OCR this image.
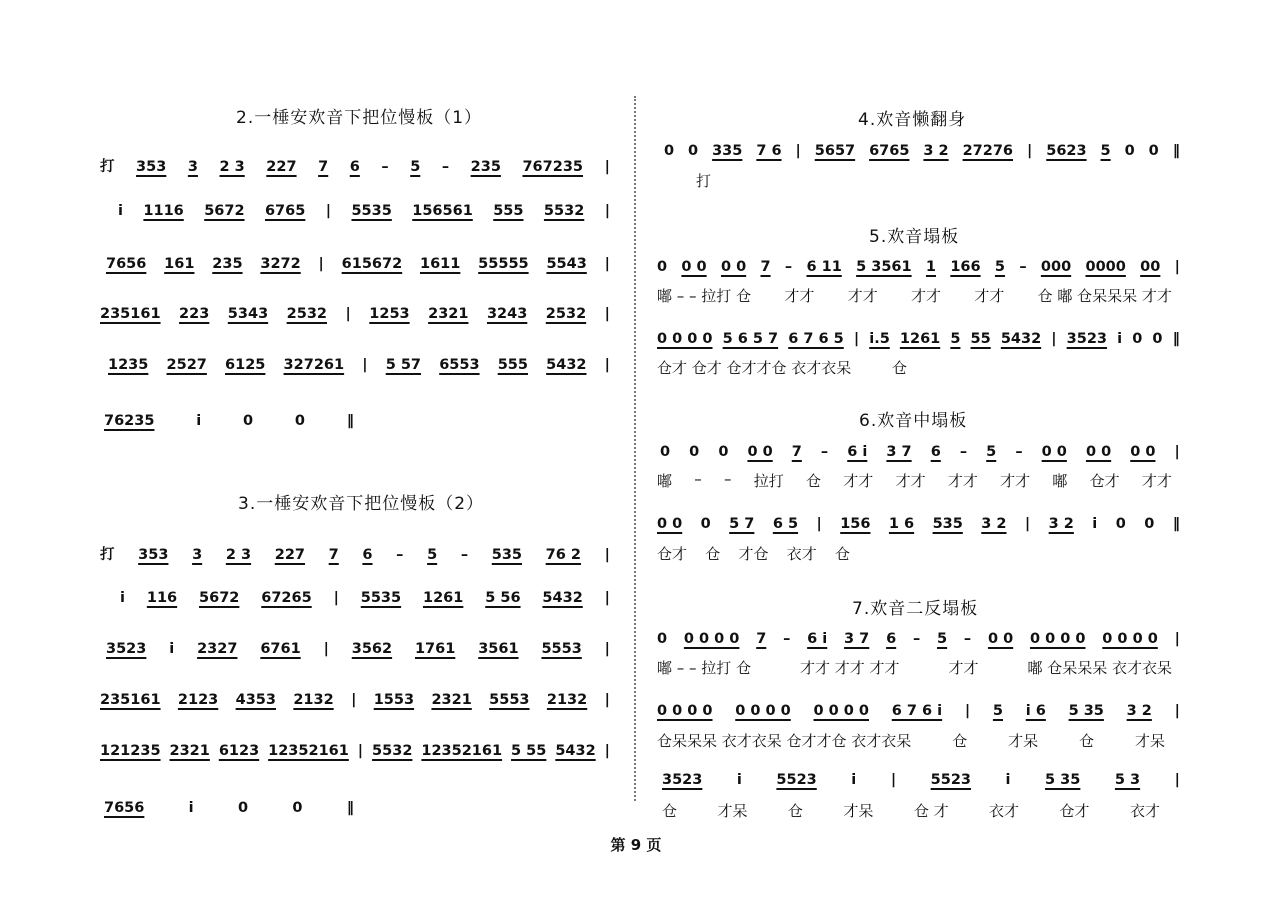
2.一棰安欢音下把位慢板（1）
打 353 3 2 3 227 7 6 – 5 – 235 767235 |
i 1116 5672 6765 | 5535 156561 555 5532 |
7656 161 235 3272 | 615672 1611 55555 5543 |
235161 223 5343 2532 | 1253 2321 3243 2532 |
1235 2527 6125 327261 | 5 57 6553 555 5432 |
76235	i	0	0	‖
3.一棰安欢音下把位慢板（2）
打 353 3 2 3 227 7 6 – 5 – 535 76 2 |
i 116 5672 67265 | 5535 1261 5 56 5432 |
3523 i 2327 6761 | 3562 1761 3561 5553 |
235161 2123 4353 2132 | 1553 2321 5553 2132 |
121235 2321 6123 12352161 | 5532 12352161 5 55 5432 |
7656	i	0	0	‖
4.欢音懒翻身
0 0 335 7 6 | 5657 6765 3 2 27276 | 5623 5 0 0 ‖
打
5.欢音塌板
0 0 0 0 0 7 – 6 11 5 3561 1 166 5 – 000 0000 00 |
嘟 – – 拉打 仓 才才 才才 才才 才才 仓 嘟 仓呆呆呆 才才
0 0 0 0 5 6 5 7 6 7 6 5 | i.5 1261 5 55 5432 | 3523 i 0 0 ‖
仓才 仓才 仓才才仓 衣才衣呆	仓
6.欢音中塌板
0 0 0 0 0 7 – 6 i 3 7 6 – 5 – 0 0 0 0 0 0 |
嘟 – – 拉打 仓 才才 才才 才才 才才 嘟 仓才 才才
0 0 0 5 7 6 5 | 156 1 6 535 3 2 | 3 2 i 0 0 ‖
仓才 仓 才仓 衣才 仓
7.欢音二反塌板
0 0 0 0 0 7 – 6 i 3 7 6 – 5 – 0 0 0 0 0 0 0 0 0 0 |
嘟 – – 拉打 仓	才才 才才 才才	才才	嘟 仓呆呆呆 衣才衣呆
0 0 0 0 0 0 0 0 0 0 0 0 6 7 6 i | 5 i 6 5 35 3 2 |
仓呆呆呆 衣才衣呆 仓才才仓 衣才衣呆	仓	才呆	仓	才呆
3523 i 5523 i | 5523 i 5 35 5 3 |
仓	才呆	仓	才呆	仓 才	衣才	仓才	衣才
第 9 页
